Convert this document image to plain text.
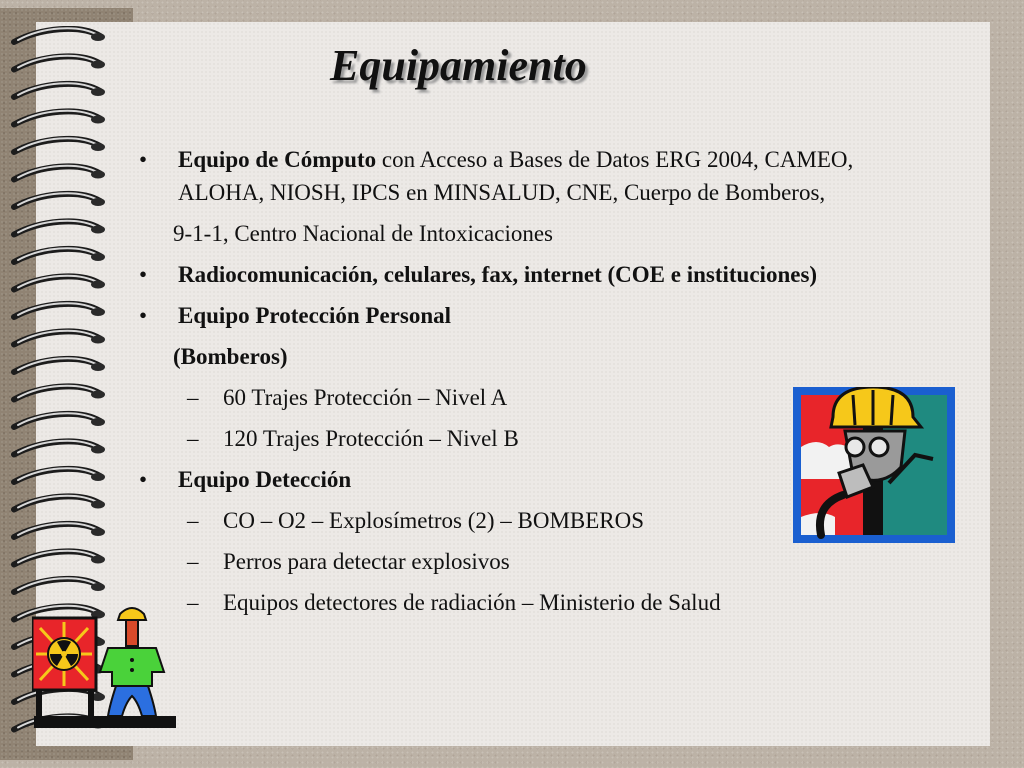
Equipamiento
• Equipo de Cómputo con Acceso a Bases de Datos ERG 2004, CAMEO,
ALOHA, NIOSH, IPCS en MINSALUD, CNE, Cuerpo de Bomberos,
9-1-1, Centro Nacional de Intoxicaciones
• Radiocomunicación, celulares, fax, internet (COE e instituciones)
• Equipo Protección Personal
(Bomberos)
– 60 Trajes Protección – Nivel A
– 120 Trajes Protección – Nivel B
• Equipo Detección
– CO – O2 – Explosímetros (2) – BOMBEROS
– Perros para detectar explosivos
– Equipos detectores de radiación – Ministerio de Salud
